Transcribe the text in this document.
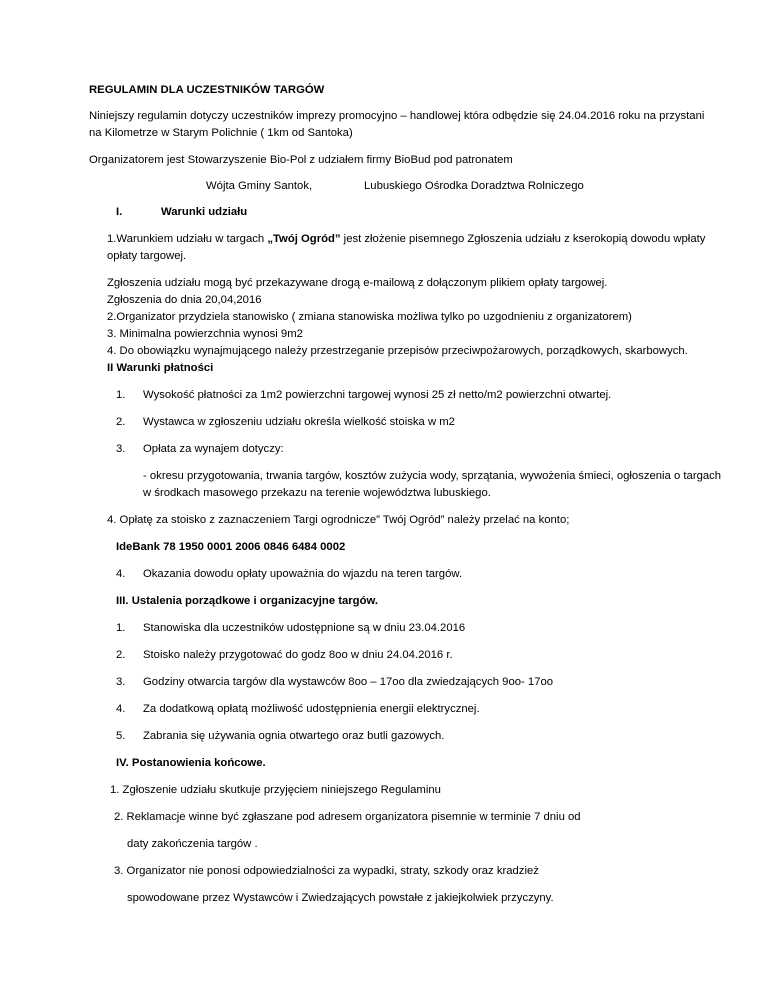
REGULAMIN DLA UCZESTNIKÓW TARGÓW
Niniejszy regulamin dotyczy uczestników imprezy promocyjno – handlowej która odbędzie się 24.04.2016 roku na przystani
na Kilometrze w Starym Polichnie ( 1km od Santoka)
Organizatorem jest Stowarzyszenie Bio-Pol z udziałem firmy BioBud pod patronatem
Wójta Gminy Santok,	Lubuskiego Ośrodka Doradztwa Rolniczego
I.	Warunki udziału
1.Warunkiem udziału w targach „Twój Ogród” jest złożenie pisemnego Zgłoszenia udziału z kserokopią dowodu wpłaty
opłaty targowej.
Zgłoszenia udziału mogą być przekazywane drogą e-mailową z dołączonym plikiem opłaty targowej.
Zgłoszenia do dnia 20,04,2016
2.Organizator przydziela stanowisko ( zmiana stanowiska możliwa tylko po uzgodnieniu z organizatorem)
3. Minimalna powierzchnia wynosi 9m2
4. Do obowiązku wynajmującego należy przestrzeganie przepisów przeciwpożarowych, porządkowych, skarbowych.
II Warunki płatności
1. Wysokość płatności za 1m2 powierzchni targowej wynosi 25 zł netto/m2 powierzchni otwartej.
2. Wystawca w zgłoszeniu udziału określa wielkość stoiska w m2
3. Opłata za wynajem dotyczy:
- okresu przygotowania, trwania targów, kosztów zużycia wody, sprzątania, wywożenia śmieci, ogłoszenia o targach
w środkach masowego przekazu na terenie województwa lubuskiego.
4. Opłatę za stoisko z zaznaczeniem Targi ogrodnicze” Twój Ogród” należy przelać na konto;
IdeBank 78 1950 0001 2006 0846 6484 0002
4. Okazania dowodu opłaty upoważnia do wjazdu na teren targów.
III. Ustalenia porządkowe i organizacyjne targów.
1. Stanowiska dla uczestników udostępnione są w dniu 23.04.2016
2. Stoisko należy przygotować do godz 8oo w dniu 24.04.2016 r.
3. Godziny otwarcia targów dla wystawców 8oo – 17oo dla zwiedzających 9oo- 17oo
4. Za dodatkową opłatą możliwość udostępnienia energii elektrycznej.
5. Zabrania się używania ognia otwartego oraz butli gazowych.
IV. Postanowienia końcowe.
1. Zgłoszenie udziału skutkuje przyjęciem niniejszego Regulaminu
2. Reklamacje winne być zgłaszane pod adresem organizatora pisemnie w terminie 7 dniu od
daty zakończenia targów .
3. Organizator nie ponosi odpowiedzialności za wypadki, straty, szkody oraz kradzież
spowodowane przez Wystawców i Zwiedzających powstałe z jakiejkolwiek przyczyny.
